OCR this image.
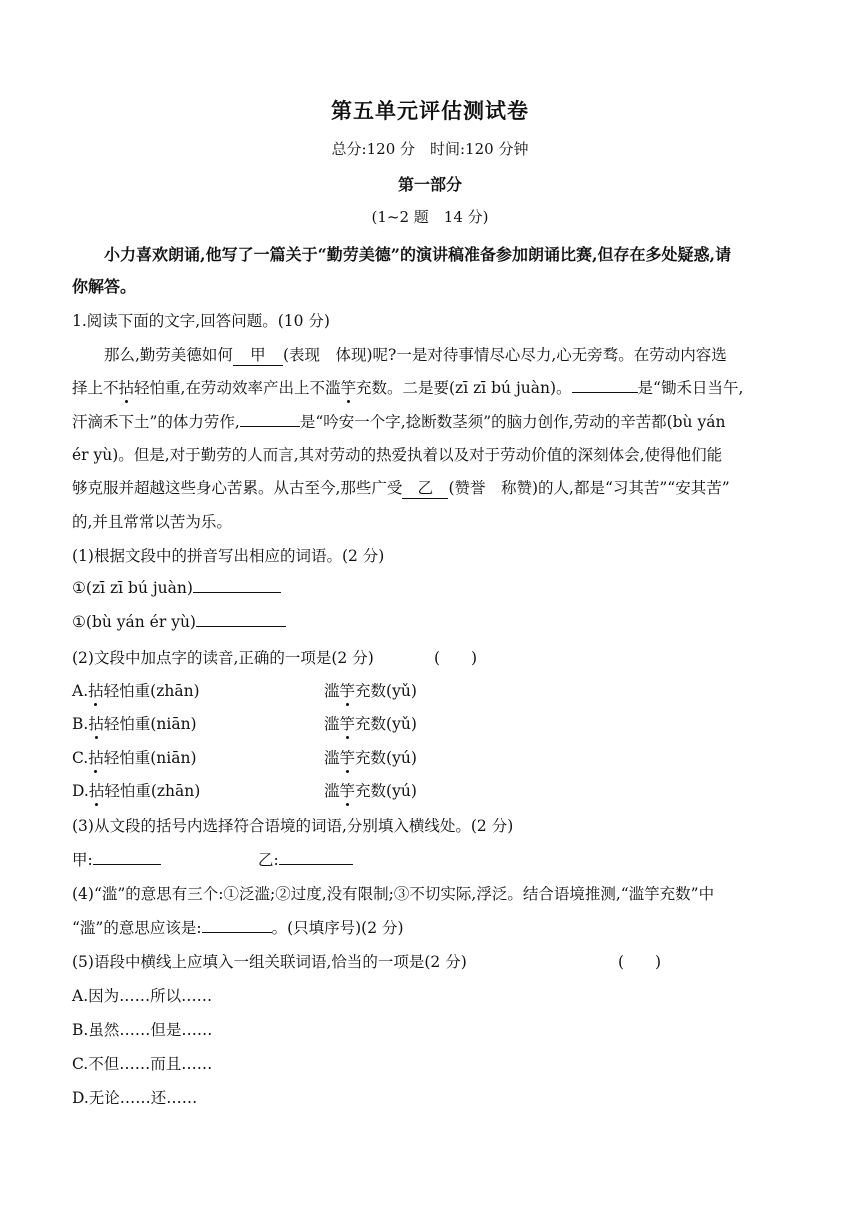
第五单元评估测试卷
总分:120 分　时间:120 分钟
第一部分
(1~2 题　14 分)
小力喜欢朗诵,他写了一篇关于“勤劳美德”的演讲稿准备参加朗诵比赛,但存在多处疑惑,请
你解答。
1.阅读下面的文字,回答问题。(10 分)
那么,勤劳美德如何 甲 (表现　体现)呢?一是对待事情尽心尽力,心无旁骛。在劳动内容选
择上不拈轻怕重,在劳动效率产出上不滥竽充数。二是要(zī zī bú juàn)。	是“锄禾日当午,
汗滴禾下土”的体力劳作,	是“吟安一个字,捻断数茎须”的脑力创作,劳动的辛苦都(bù yán
ér yù)。但是,对于勤劳的人而言,其对劳动的热爱执着以及对于劳动价值的深刻体会,使得他们能
够克服并超越这些身心苦累。从古至今,那些广受 乙 (赞誉　称赞)的人,都是“习其苦”“安其苦”
的,并且常常以苦为乐。
(1)根据文段中的拼音写出相应的词语。(2 分)
①(zī zī bú juàn)
①(bù yán ér yù)
(2)文段中加点字的读音,正确的一项是(2 分)	(　　)
A.拈轻怕重(zhān)	滥竽充数(yǔ)
B.拈轻怕重(niān)	滥竽充数(yǔ)
C.拈轻怕重(niān)	滥竽充数(yú)
D.拈轻怕重(zhān)	滥竽充数(yú)
(3)从文段的括号内选择符合语境的词语,分别填入横线处。(2 分)
甲:	乙:
(4)“滥”的意思有三个:①泛滥;②过度,没有限制;③不切实际,浮泛。结合语境推测,“滥竽充数”中
“滥”的意思应该是:	。(只填序号)(2 分)
(5)语段中横线上应填入一组关联词语,恰当的一项是(2 分)	(　　)
A.因为……所以……
B.虽然……但是……
C.不但……而且……
D.无论……还……
